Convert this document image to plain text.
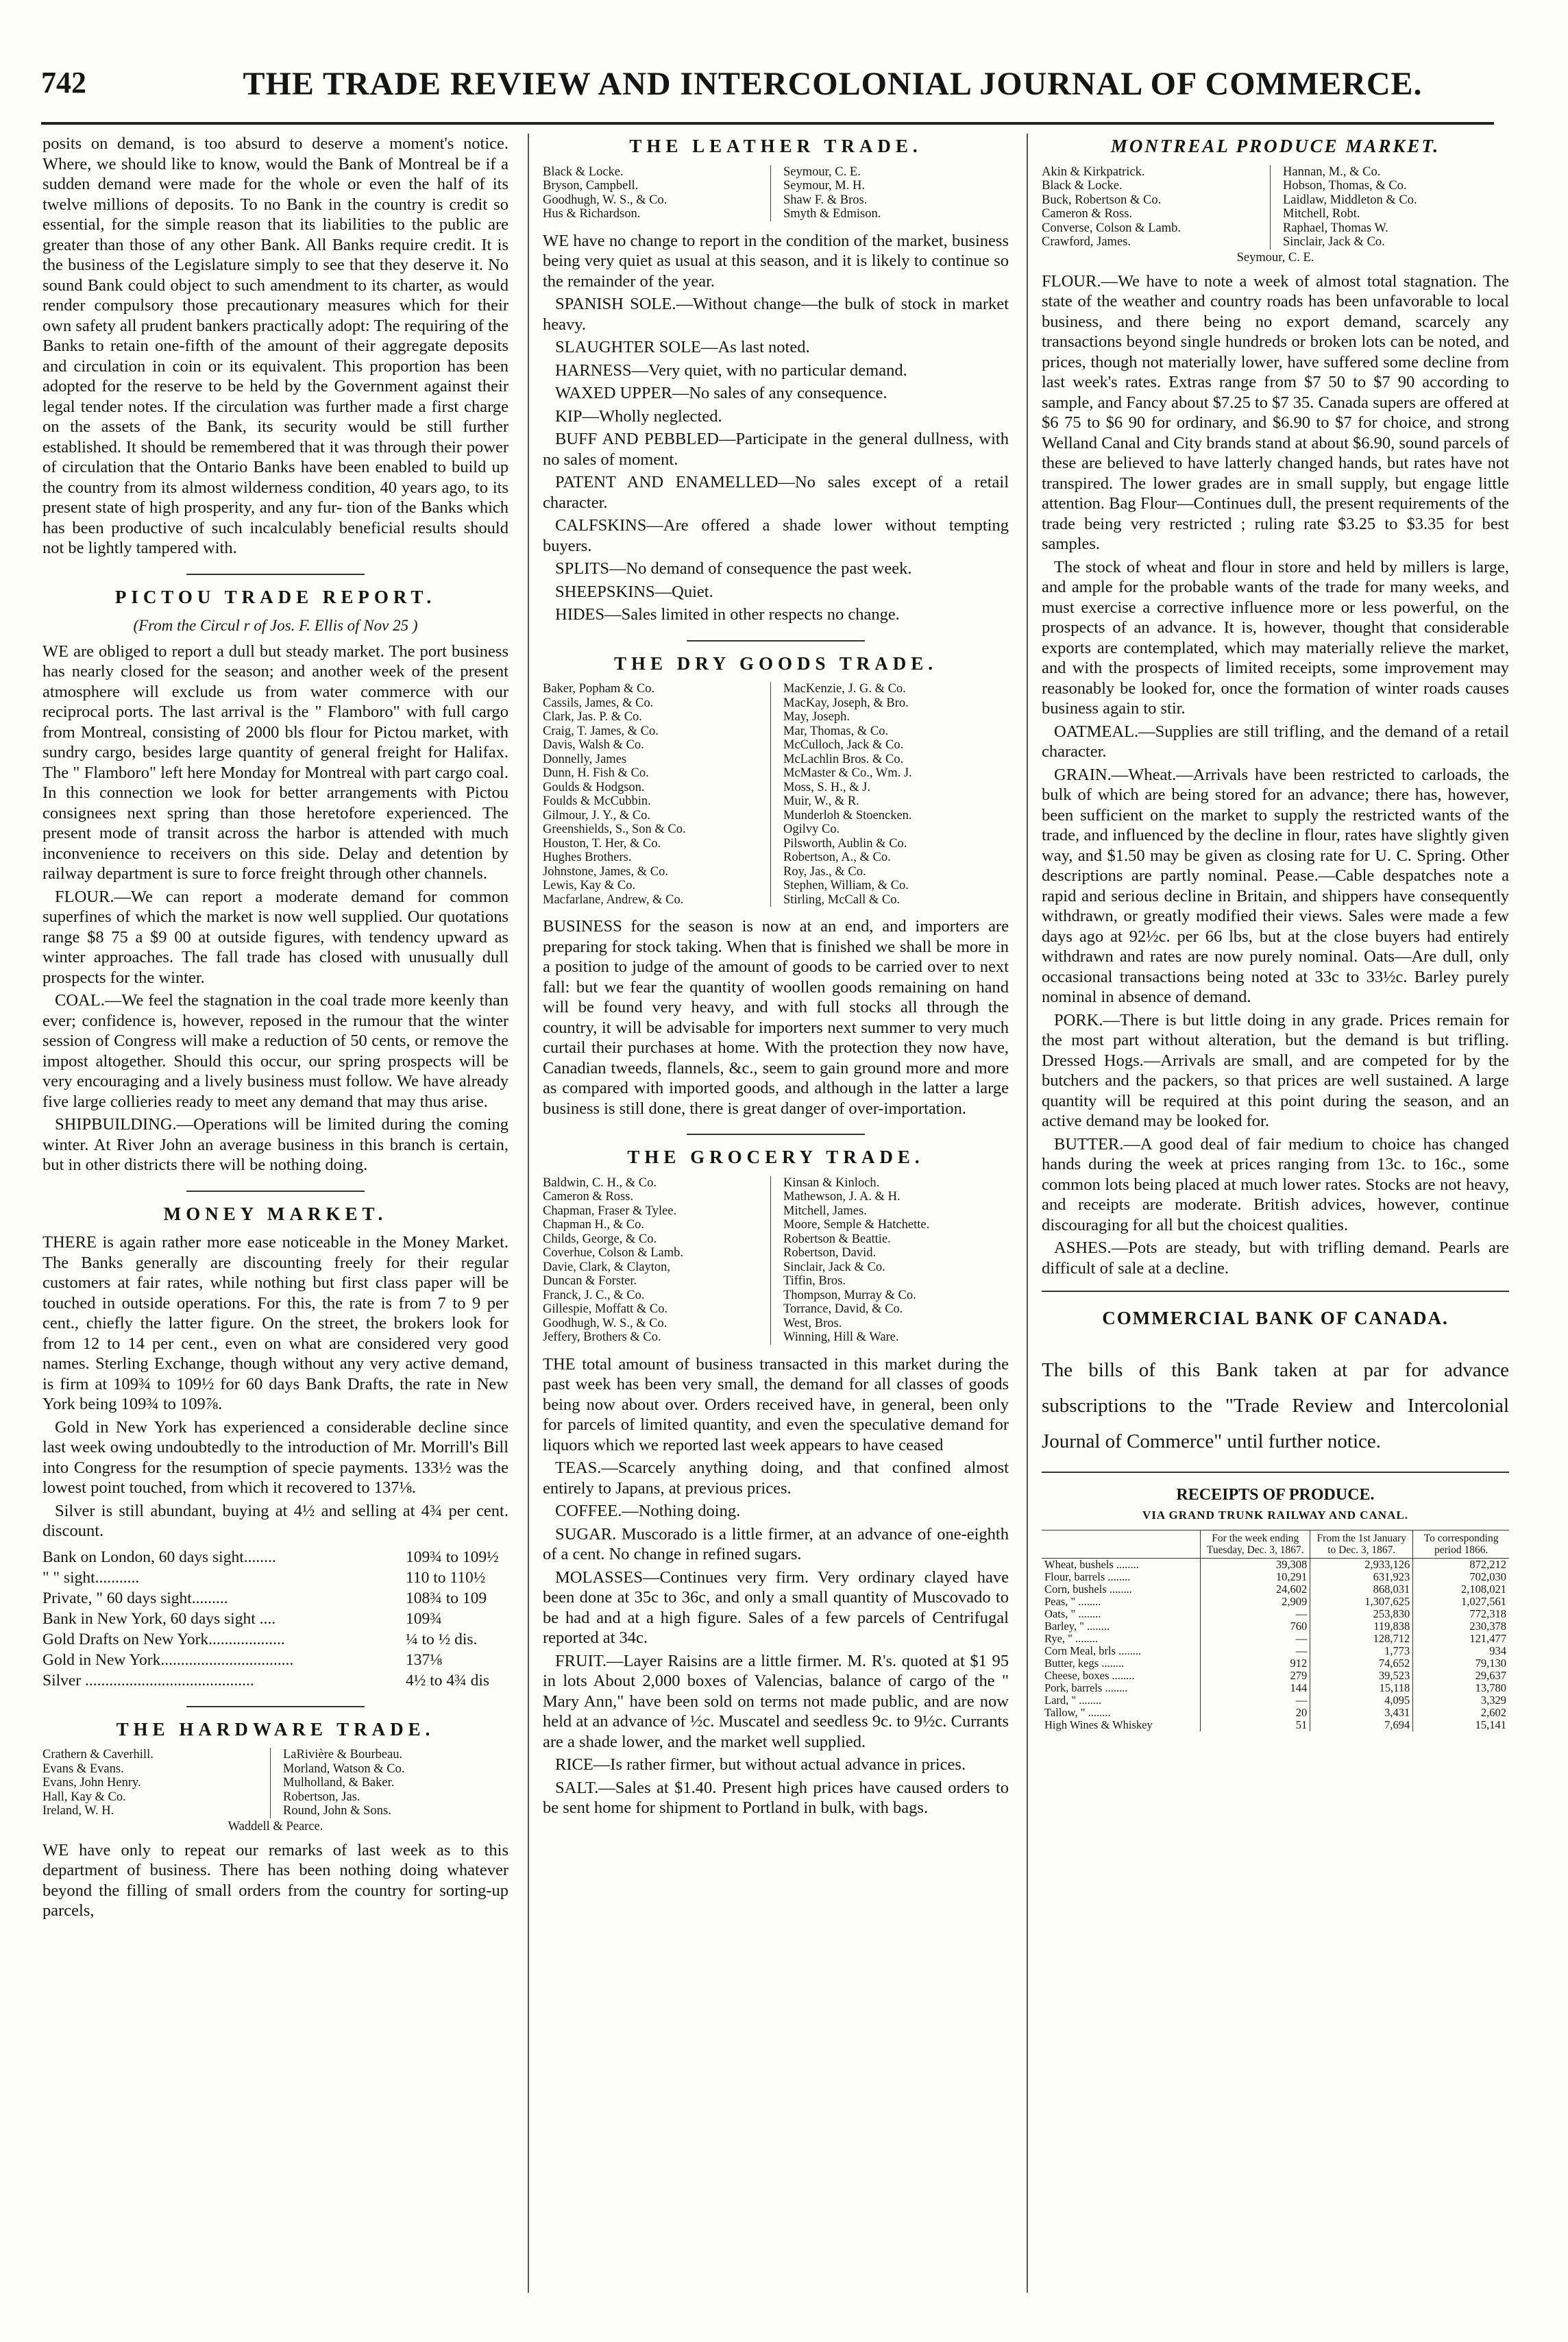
742	THE TRADE REVIEW AND INTERCOLONIAL JOURNAL OF COMMERCE.

posits on demand, is too absurd to deserve a moment's notice. Where, we should like to know, would the Bank of Montreal be if a sudden demand were made for the whole or even the half of its twelve millions of deposits. To no Bank in the country is credit so essential, for the simple reason that its liabilities to the public are greater than those of any other Bank. All Banks require credit. It is the business of the Legislature simply to see that they deserve it. No sound Bank could object to such amendment to its charter, as would render compulsory those precautionary measures which for their own safety all prudent bankers practically adopt: The requiring of the Banks to retain one-fifth of the amount of their aggregate deposits and circulation in coin or its equivalent. This proportion has been adopted for the reserve to be held by the Government against their legal tender notes. If the circulation was further made a first charge on the assets of the Bank, its security would be still further established. It should be remembered that it was through their power of circulation that the Ontario Banks have been enabled to build up the country from its almost wilderness condition, 40 years ago, to its present state of high prosperity, and any fur- tion of the Banks which has been productive of such incalculably beneficial results should not be lightly tampered with.

PICTOU TRADE REPORT.
(From the Circul r of Jos. F. Ellis of Nov 25 )

WE are obliged to report a dull but steady market. The port business has nearly closed for the season; and another week of the present atmosphere will exclude us from water commerce with our reciprocal ports. The last arrival is the " Flamboro" with full cargo from Montreal, consisting of 2000 bls flour for Pictou market, with sundry cargo, besides large quantity of general freight for Halifax. The " Flamboro" left here Monday for Montreal with part cargo coal. In this connection we look for better arrangements with Pictou consignees next spring than those heretofore experienced. The present mode of transit across the harbor is attended with much inconvenience to receivers on this side. Delay and detention by railway department is sure to force freight through other channels.

FLOUR.—We can report a moderate demand for common superfines of which the market is now well supplied. Our quotations range $8 75 a $9 00 at outside figures, with tendency upward as winter approaches. The fall trade has closed with unusually dull prospects for the winter.

COAL.—We feel the stagnation in the coal trade more keenly than ever; confidence is, however, reposed in the rumour that the winter session of Congress will make a reduction of 50 cents, or remove the impost altogether. Should this occur, our spring prospects will be very encouraging and a lively business must follow. We have already five large collieries ready to meet any demand that may thus arise.

SHIPBUILDING.—Operations will be limited during the coming winter. At River John an average business in this branch is certain, but in other districts there will be nothing doing.

MONEY MARKET.

THERE is again rather more ease noticeable in the Money Market. The Banks generally are discounting freely for their regular customers at fair rates, while nothing but first class paper will be touched in outside operations. For this, the rate is from 7 to 9 per cent., chiefly the latter figure. On the street, the brokers look for from 12 to 14 per cent., even on what are considered very good names. Sterling Exchange, though without any very active demand, is firm at 109¾ to 109½ for 60 days Bank Drafts, the rate in New York being 109¾ to 109⅞.

Gold in New York has experienced a considerable decline since last week owing undoubtedly to the introduction of Mr. Morrill's Bill into Congress for the resumption of specie payments. 133½ was the lowest point touched, from which it recovered to 137⅛.

Silver is still abundant, buying at 4½ and selling at 4¾ per cent. discount.

Bank on London, 60 days sight........	109¾ to 109½
" " sight...........	110 to 110½
Private, " 60 days sight.........	108¾ to 109
Bank in New York, 60 days sight ....	109¾
Gold Drafts on New York...................	¼ to ½ dis.
Gold in New York.................................	137⅛
Silver ..........................................	4½ to 4¾ dis
THE HARDWARE TRADE.
Crathern & Caverhill.
Evans & Evans.
Evans, John Henry.
Hall, Kay & Co.
Ireland, W. H.
LaRivière & Bourbeau.
Morland, Watson & Co.
Mulholland, & Baker.
Robertson, Jas.
Round, John & Sons.
Waddell & Pearce.

WE have only to repeat our remarks of last week as to this department of business. There has been nothing doing whatever beyond the filling of small orders from the country for sorting-up parcels,

THE LEATHER TRADE.
Black & Locke.
Bryson, Campbell.
Goodhugh, W. S., & Co.
Hus & Richardson.
Seymour, C. E.
Seymour, M. H.
Shaw F. & Bros.
Smyth & Edmison.

WE have no change to report in the condition of the market, business being very quiet as usual at this season, and it is likely to continue so the remainder of the year.

SPANISH SOLE.—Without change—the bulk of stock in market heavy.

SLAUGHTER SOLE—As last noted.

HARNESS—Very quiet, with no particular demand.

WAXED UPPER—No sales of any consequence.

KIP—Wholly neglected.

BUFF AND PEBBLED—Participate in the general dullness, with no sales of moment.

PATENT AND ENAMELLED—No sales except of a retail character.

CALFSKINS—Are offered a shade lower without tempting buyers.

SPLITS—No demand of consequence the past week.

SHEEPSKINS—Quiet.

HIDES—Sales limited in other respects no change.

THE DRY GOODS TRADE.
Baker, Popham & Co.
Cassils, James, & Co.
Clark, Jas. P. & Co.
Craig, T. James, & Co.
Davis, Walsh & Co.
Donnelly, James
Dunn, H. Fish & Co.
Goulds & Hodgson.
Foulds & McCubbin.
Gilmour, J. Y., & Co.
Greenshields, S., Son & Co.
Houston, T. Her, & Co.
Hughes Brothers.
Johnstone, James, & Co.
Lewis, Kay & Co.
Macfarlane, Andrew, & Co.
MacKenzie, J. G. & Co.
MacKay, Joseph, & Bro.
May, Joseph.
Mar, Thomas, & Co.
McCulloch, Jack & Co.
McLachlin Bros. & Co.
McMaster & Co., Wm. J.
Moss, S. H., & J.
Muir, W., & R.
Munderloh & Stoencken.
Ogilvy Co.
Pilsworth, Aublin & Co.
Robertson, A., & Co.
Roy, Jas., & Co.
Stephen, William, & Co.
Stirling, McCall & Co.

BUSINESS for the season is now at an end, and importers are preparing for stock taking. When that is finished we shall be more in a position to judge of the amount of goods to be carried over to next fall: but we fear the quantity of woollen goods remaining on hand will be found very heavy, and with full stocks all through the country, it will be advisable for importers next summer to very much curtail their purchases at home. With the protection they now have, Canadian tweeds, flannels, &c., seem to gain ground more and more as compared with imported goods, and although in the latter a large business is still done, there is great danger of over-importation.

THE GROCERY TRADE.
Baldwin, C. H., & Co.
Cameron & Ross.
Chapman, Fraser & Tylee.
Chapman H., & Co.
Childs, George, & Co.
Coverhue, Colson & Lamb.
Davie, Clark, & Clayton,
Duncan & Forster.
Franck, J. C., & Co.
Gillespie, Moffatt & Co.
Goodhugh, W. S., & Co.
Jeffery, Brothers & Co.
Kinsan & Kinloch.
Mathewson, J. A. & H.
Mitchell, James.
Moore, Semple & Hatchette.
Robertson & Beattie.
Robertson, David.
Sinclair, Jack & Co.
Tiffin, Bros.
Thompson, Murray & Co.
Torrance, David, & Co.
West, Bros.
Winning, Hill & Ware.

THE total amount of business transacted in this market during the past week has been very small, the demand for all classes of goods being now about over. Orders received have, in general, been only for parcels of limited quantity, and even the speculative demand for liquors which we reported last week appears to have ceased

TEAS.—Scarcely anything doing, and that confined almost entirely to Japans, at previous prices.

COFFEE.—Nothing doing.

SUGAR. Muscorado is a little firmer, at an advance of one-eighth of a cent. No change in refined sugars.

MOLASSES—Continues very firm. Very ordinary clayed have been done at 35c to 36c, and only a small quantity of Muscovado to be had and at a high figure. Sales of a few parcels of Centrifugal reported at 34c.

FRUIT.—Layer Raisins are a little firmer. M. R's. quoted at $1 95 in lots About 2,000 boxes of Valencias, balance of cargo of the " Mary Ann," have been sold on terms not made public, and are now held at an advance of ½c. Muscatel and seedless 9c. to 9½c. Currants are a shade lower, and the market well supplied.

RICE—Is rather firmer, but without actual advance in prices.

SALT.—Sales at $1.40. Present high prices have caused orders to be sent home for shipment to Portland in bulk, with bags.

MONTREAL PRODUCE MARKET.
Akin & Kirkpatrick.
Black & Locke.
Buck, Robertson & Co.
Cameron & Ross.
Converse, Colson & Lamb.
Crawford, James.
Hannan, M., & Co.
Hobson, Thomas, & Co.
Laidlaw, Middleton & Co.
Mitchell, Robt.
Raphael, Thomas W.
Sinclair, Jack & Co.
Seymour, C. E.

FLOUR.—We have to note a week of almost total stagnation. The state of the weather and country roads has been unfavorable to local business, and there being no export demand, scarcely any transactions beyond single hundreds or broken lots can be noted, and prices, though not materially lower, have suffered some decline from last week's rates. Extras range from $7 50 to $7 90 according to sample, and Fancy about $7.25 to $7 35. Canada supers are offered at $6 75 to $6 90 for ordinary, and $6.90 to $7 for choice, and strong Welland Canal and City brands stand at about $6.90, sound parcels of these are believed to have latterly changed hands, but rates have not transpired. The lower grades are in small supply, but engage little attention. Bag Flour—Continues dull, the present requirements of the trade being very restricted ; ruling rate $3.25 to $3.35 for best samples.

The stock of wheat and flour in store and held by millers is large, and ample for the probable wants of the trade for many weeks, and must exercise a corrective influence more or less powerful, on the prospects of an advance. It is, however, thought that considerable exports are contemplated, which may materially relieve the market, and with the prospects of limited receipts, some improvement may reasonably be looked for, once the formation of winter roads causes business again to stir.

OATMEAL.—Supplies are still trifling, and the demand of a retail character.

GRAIN.—Wheat.—Arrivals have been restricted to carloads, the bulk of which are being stored for an advance; there has, however, been sufficient on the market to supply the restricted wants of the trade, and influenced by the decline in flour, rates have slightly given way, and $1.50 may be given as closing rate for U. C. Spring. Other descriptions are partly nominal. Pease.—Cable despatches note a rapid and serious decline in Britain, and shippers have consequently withdrawn, or greatly modified their views. Sales were made a few days ago at 92½c. per 66 lbs, but at the close buyers had entirely withdrawn and rates are now purely nominal. Oats—Are dull, only occasional transactions being noted at 33c to 33½c. Barley purely nominal in absence of demand.

PORK.—There is but little doing in any grade. Prices remain for the most part without alteration, but the demand is but trifling. Dressed Hogs.—Arrivals are small, and are competed for by the butchers and the packers, so that prices are well sustained. A large quantity will be required at this point during the season, and an active demand may be looked for.

BUTTER.—A good deal of fair medium to choice has changed hands during the week at prices ranging from 13c. to 16c., some common lots being placed at much lower rates. Stocks are not heavy, and receipts are moderate. British advices, however, continue discouraging for all but the choicest qualities.

ASHES.—Pots are steady, but with trifling demand. Pearls are difficult of sale at a decline.

COMMERCIAL BANK OF CANADA.
The bills of this Bank taken at par for advance subscriptions to the "Trade Review and Intercolonial Journal of Commerce" until further notice.
RECEIPTS OF PRODUCE.
VIA GRAND TRUNK RAILWAY AND CANAL.
	For the week ending Tuesday, Dec. 3, 1867.	From the 1st January to Dec. 3, 1867.	To corresponding period 1866.
Wheat, bushels ........	39,308	2,933,126	872,212
Flour, barrels ........	10,291	631,923	702,030
Corn, bushels ........	24,602	868,031	2,108,021
Peas, " ........	2,909	1,307,625	1,027,561
Oats, " ........	—	253,830	772,318
Barley, " ........	760	119,838	230,378
Rye, " ........	—	128,712	121,477
Corn Meal, brls ........	—	1,773	934
Butter, kegs ........	912	74,652	79,130
Cheese, boxes ........	279	39,523	29,637
Pork, barrels ........	144	15,118	13,780
Lard, " ........	—	4,095	3,329
Tallow, " ........	20	3,431	2,602
High Wines & Whiskey	51	7,694	15,141
